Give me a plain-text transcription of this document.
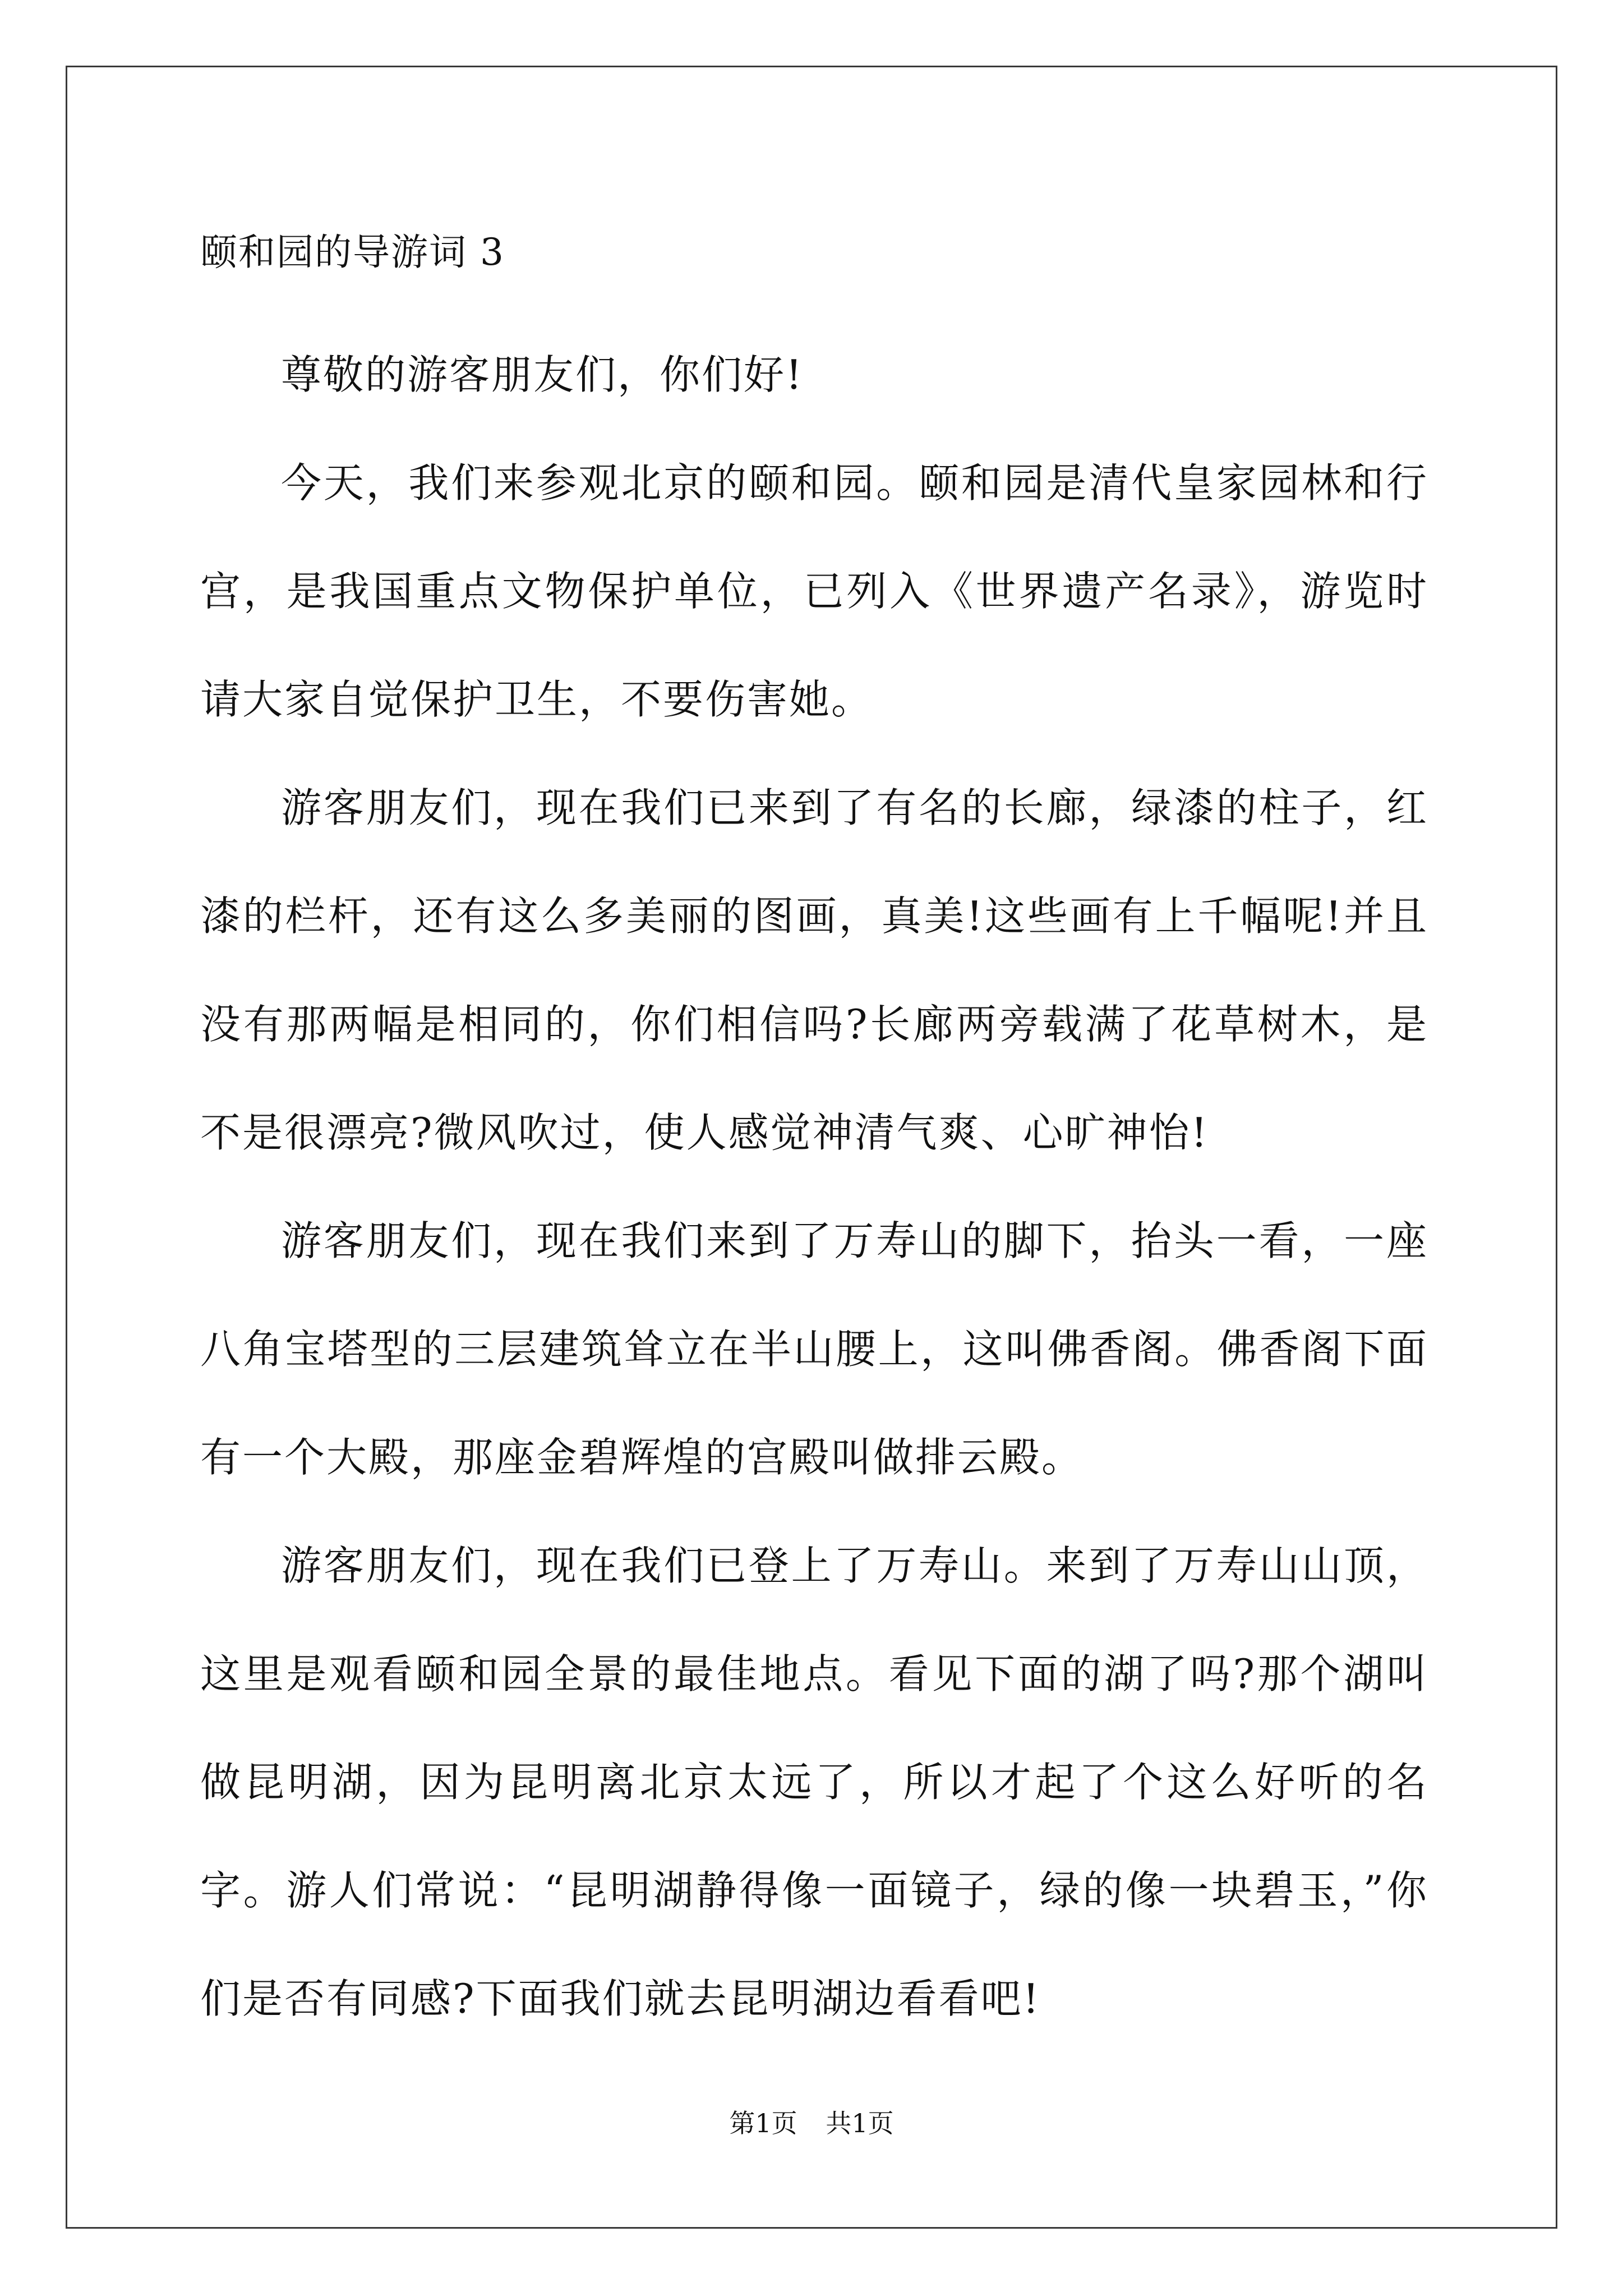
颐和园的导游词 3

尊敬的游客朋友们，你们好!

今天，我们来参观北京的颐和园。颐和园是清代皇家园林和行宫，是我国重点文物保护单位，已列入《世界遗产名录》，游览时请大家自觉保护卫生，不要伤害她。

游客朋友们，现在我们已来到了有名的长廊，绿漆的柱子，红漆的栏杆，还有这么多美丽的图画，真美!这些画有上千幅呢!并且没有那两幅是相同的，你们相信吗?长廊两旁载满了花草树木，是不是很漂亮?微风吹过，使人感觉神清气爽、心旷神怡!

游客朋友们，现在我们来到了万寿山的脚下，抬头一看，一座八角宝塔型的三层建筑耸立在半山腰上，这叫佛香阁。佛香阁下面有一个大殿，那座金碧辉煌的宫殿叫做排云殿。

游客朋友们，现在我们已登上了万寿山。来到了万寿山山顶，这里是观看颐和园全景的最佳地点。看见下面的湖了吗?那个湖叫做昆明湖，因为昆明离北京太远了，所以才起了个这么好听的名字。游人们常说：“昆明湖静得像一面镜子，绿的像一块碧玉，”你们是否有同感?下面我们就去昆明湖边看看吧!

第1页 共1页
